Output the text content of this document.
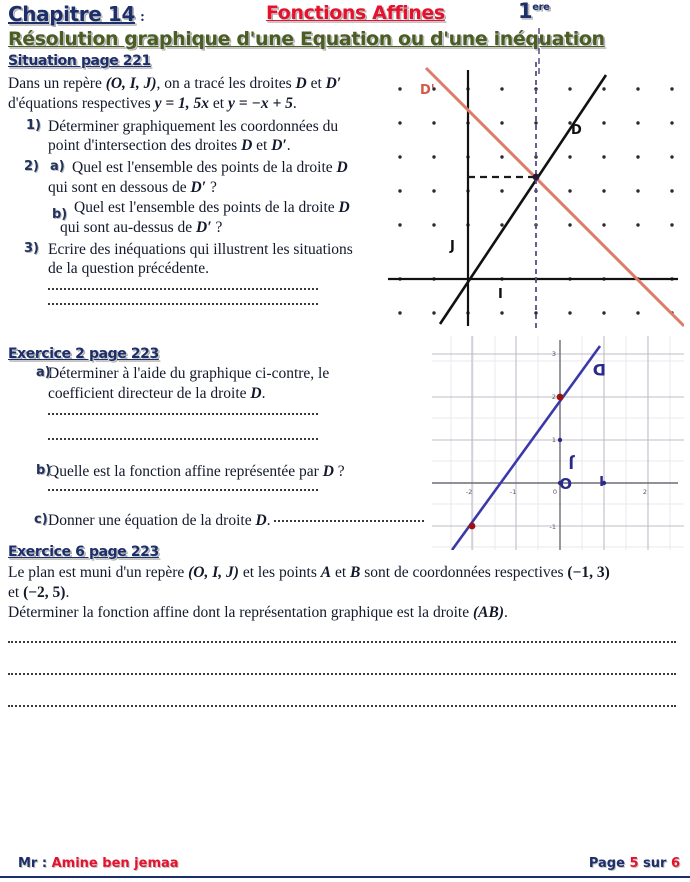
Chapitre 14 :	Fonctions Affines	1ere
Résolution graphique d'une Equation ou d'une inéquation
Situation page 221
Dans un repère (O, I, J), on a tracé les droites D et D′
d'équations respectives y = 1, 5x et y = −x + 5.
1) Déterminer graphiquement les coordonnées du
point d'intersection des droites D et D′.
2) a) Quel est l'ensemble des points de la droite D
qui sont en dessous de D′ ?
b) Quel est l'ensemble des points de la droite D
qui sont au-dessus de D′ ?
3) Ecrire des inéquations qui illustrent les situations
de la question précédente.
D'
D
J
I
Exercice 2 page 223
a)
Déterminer à l'aide du graphique ci-contre, le
coefficient directeur de la droite D.
b)
Quelle est la fonction affine représentée par D ?
c) Donner une équation de la droite D.
-2	-1	0	2
3
2
1
-1
D
J
O I
Exercice 6 page 223
Le plan est muni d'un repère (O, I, J) et les points A et B sont de coordonnées respectives (−1, 3)
et (−2, 5).
Déterminer la fonction affine dont la représentation graphique est la droite (AB).
Mr : Amine ben jemaa	Page 5 sur 6
